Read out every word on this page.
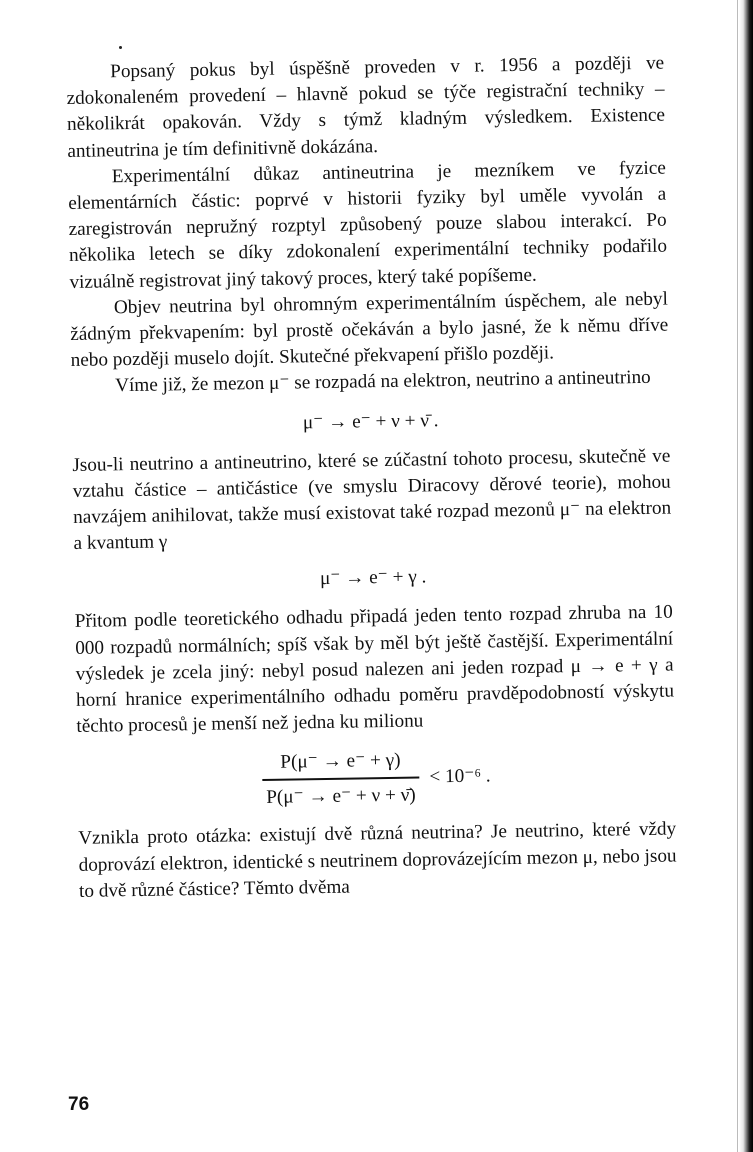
Popsaný pokus byl úspěšně proveden v r. 1956 a později ve zdokonaleném provedení – hlavně pokud se týče registrační techniky – několikrát opakován. Vždy s týmž kladným výsledkem. Existence antineutrina je tím definitivně dokázána.

Experimentální důkaz antineutrina je mezníkem ve fyzice elementárních částic: poprvé v historii fyziky byl uměle vyvolán a zaregistrován nepružný rozptyl způsobený pouze slabou interakcí. Po několika letech se díky zdokonalení experimentální techniky podařilo vizuálně registrovat jiný takový proces, který také popíšeme.

Objev neutrina byl ohromným experimentálním úspěchem, ale nebyl žádným překvapením: byl prostě očekáván a bylo jasné, že k němu dříve nebo později muselo dojít. Skutečné překvapení přišlo později.

Víme již, že mezon μ⁻ se rozpadá na elektron, neutrino a antineutrino

μ⁻ → e⁻ + ν + ν̄ .

Jsou-li neutrino a antineutrino, které se zúčastní tohoto procesu, skutečně ve vztahu částice – antičástice (ve smyslu Diracovy děrové teorie), mohou navzájem anihilovat, takže musí existovat také rozpad mezonů μ⁻ na elektron a kvantum γ

μ⁻ → e⁻ + γ .

Přitom podle teoretického odhadu připadá jeden tento rozpad zhruba na 10 000 rozpadů normálních; spíš však by měl být ještě častější. Experimentální výsledek je zcela jiný: nebyl posud nalezen ani jeden rozpad μ → e + γ a horní hranice experimentálního odhadu poměru pravděpodobností výskytu těchto procesů je menší než jedna ku milionu

$\frac{P(\mu^- \to e^- + \gamma)}{P(\mu^- \to e^- + \nu + \nū)} < 10^{-6}$ .

Vznikla proto otázka: existují dvě různá neutrina? Je neutrino, které vždy doprovází elektron, identické s neutrinem doprovázejícím mezon μ, nebo jsou to dvě různé částice? Těmto dvěma

76
